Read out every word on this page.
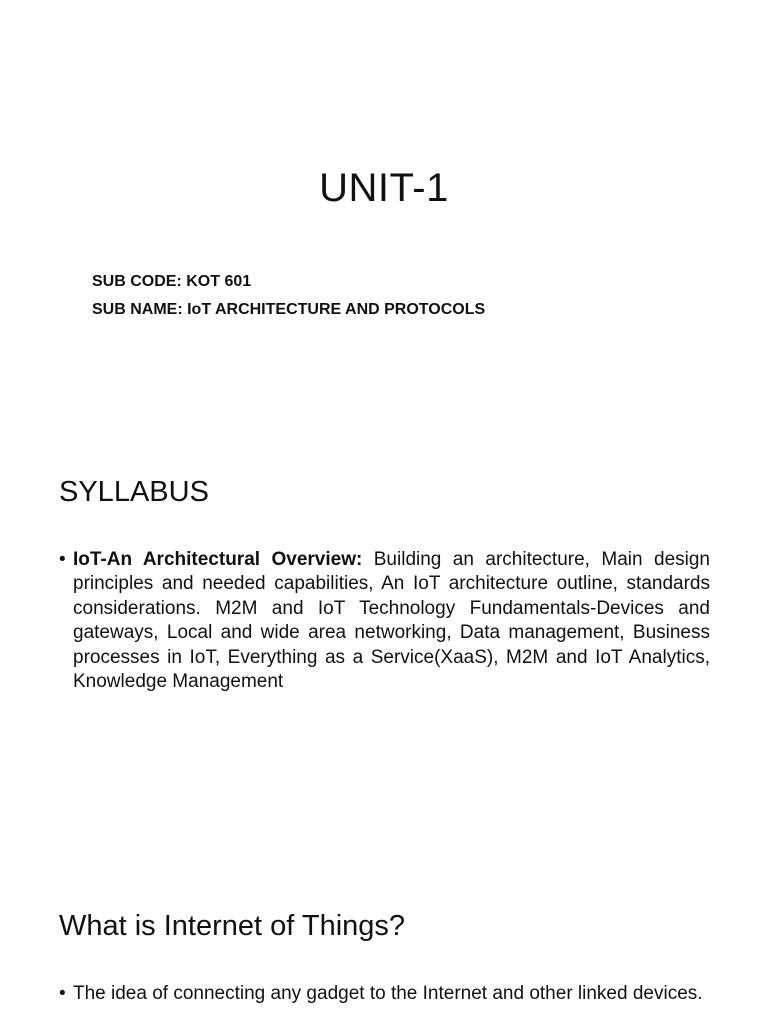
UNIT-1
SUB CODE: KOT 601
SUB NAME: IoT ARCHITECTURE AND PROTOCOLS
SYLLABUS
• IoT-An Architectural Overview: Building an architecture, Main design principles and needed capabilities, An IoT architecture outline, standards considerations. M2M and IoT Technology Fundamentals-Devices and gateways, Local and wide area networking, Data management, Business processes in IoT, Everything as a Service(XaaS), M2M and IoT Analytics, Knowledge Management
What is Internet of Things?
• The idea of connecting any gadget to the Internet and other linked devices.
